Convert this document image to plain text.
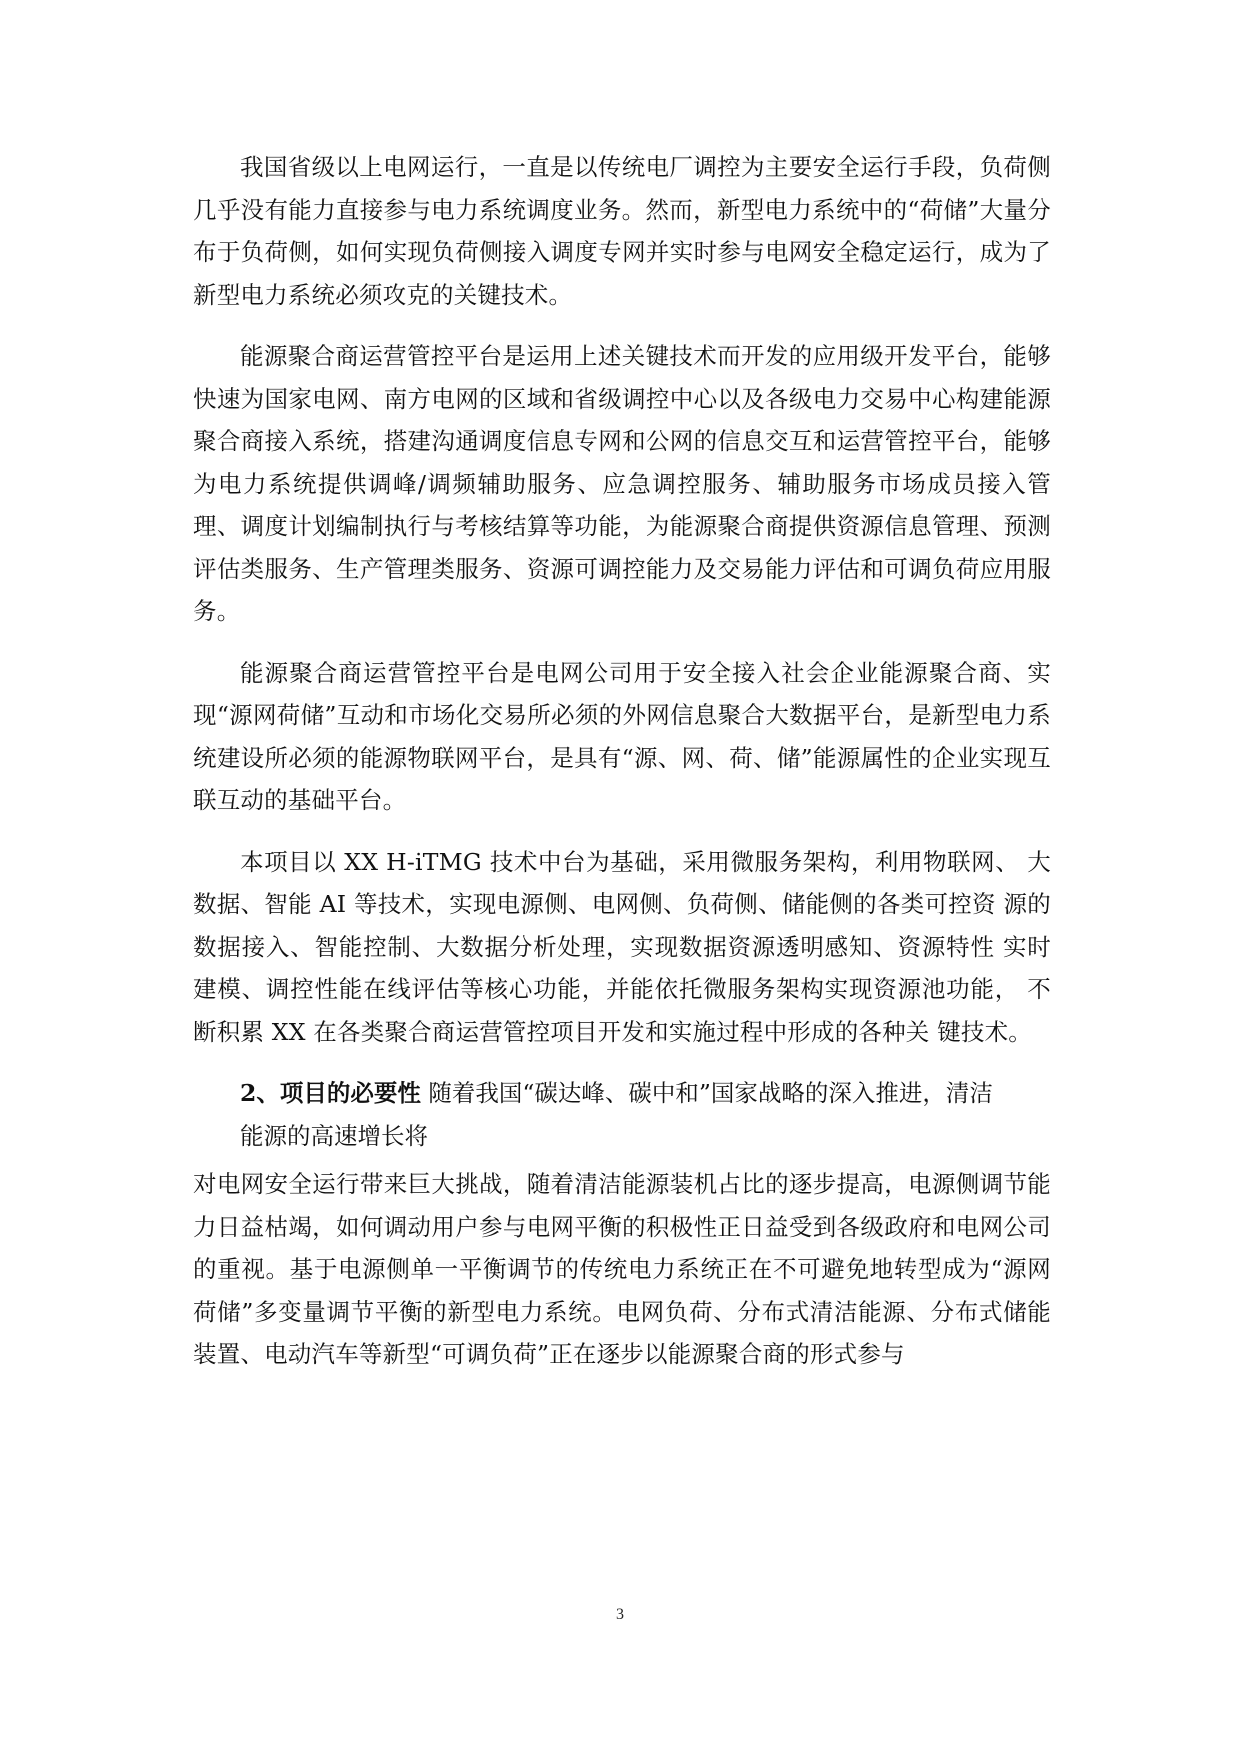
我国省级以上电网运行，一直是以传统电厂调控为主要安全运行手段，负荷侧几乎没有能力直接参与电力系统调度业务。然而，新型电力系统中的“荷储”大量分布于负荷侧，如何实现负荷侧接入调度专网并实时参与电网安全稳定运行，成为了新型电力系统必须攻克的关键技术。

能源聚合商运营管控平台是运用上述关键技术而开发的应用级开发平台，能够快速为国家电网、南方电网的区域和省级调控中心以及各级电力交易中心构建能源聚合商接入系统，搭建沟通调度信息专网和公网的信息交互和运营管控平台，能够为电力系统提供调峰/调频辅助服务、应急调控服务、辅助服务市场成员接入管理、调度计划编制执行与考核结算等功能，为能源聚合商提供资源信息管理、预测评估类服务、生产管理类服务、资源可调控能力及交易能力评估和可调负荷应用服务。

能源聚合商运营管控平台是电网公司用于安全接入社会企业能源聚合商、实现“源网荷储”互动和市场化交易所必须的外网信息聚合大数据平台，是新型电力系统建设所必须的能源物联网平台，是具有“源、网、荷、储”能源属性的企业实现互联互动的基础平台。

本项目以 XX H-iTMG 技术中台为基础，采用微服务架构，利用物联网、 大数据、智能 AI 等技术，实现电源侧、电网侧、负荷侧、储能侧的各类可控资 源的数据接入、智能控制、大数据分析处理，实现数据资源透明感知、资源特性 实时建模、调控性能在线评估等核心功能，并能依托微服务架构实现资源池功能， 不断积累 XX 在各类聚合商运营管控项目开发和实施过程中形成的各种关 键技术。

2、项目的必要性 随着我国“碳达峰、碳中和”国家战略的深入推进，清洁

能源的高速增长将

对电网安全运行带来巨大挑战，随着清洁能源装机占比的逐步提高，电源侧调节能力日益枯竭，如何调动用户参与电网平衡的积极性正日益受到各级政府和电网公司的重视。基于电源侧单一平衡调节的传统电力系统正在不可避免地转型成为“源网荷储”多变量调节平衡的新型电力系统。电网负荷、分布式清洁能源、分布式储能装置、电动汽车等新型“可调负荷”正在逐步以能源聚合商的形式参与

3
